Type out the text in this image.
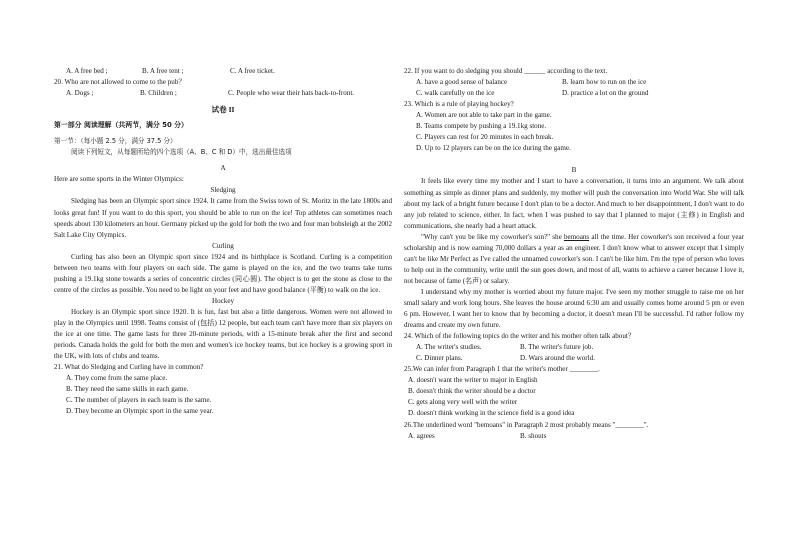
A. A free bed ;	B. A free tent ;	C. A free ticket.
20. Who are not allowed to come to the pub？
A. Dogs ;	B. Children ;	C. People who wear their hats back-to-front.
试卷 II
第一部分 阅读理解（共两节，满分 50 分）
第一节：（每小题 2.5 分，满分 37.5 分）
阅读下列短文，从每题所给的四个选项（A、B、C 和 D）中，选出最佳选项
A
Here are some sports in the Winter Olympics:
Sledging
Sledging has been an Olympic sport since 1924. It came from the Swiss town of St. Moritz in the late 1800s and looks great fun! If you want to do this sport, you should be able to run on the ice! Top athletes can sometimes reach speeds about 130 kilometers an hour. Germany picked up the gold for both the two and four man bobsleigh at the 2002 Salt Lake City Olympics.
Curling
Curling has also been an Olympic sport since 1924 and its birthplace is Scotland. Curling is a competition between two teams with four players on each side. The game is played on the ice, and the two teams take turns pushing a 19.1kg stone towards a series of concentric circles (同心圆). The object is to get the stone as close to the centre of the circles as possible. You need to be light on your feet and have good balance (平衡) to walk on the ice.
Hockey
Hockey is an Olympic sport since 1920. It is fun, fast but also a little dangerous. Women were not allowed to play in the Olympics until 1998. Teams consist of (包括) 12 people, but each team can't have more than six players on the ice at one time. The game lasts for three 20-minute periods, with a 15-minute break after the first and second periods. Canada holds the gold for both the men and women's ice hockey teams, but ice hockey is a growing sport in the UK, with lots of clubs and teams.
21. What do Sledging and Curling have in common?
A. They come from the same place.
B. They need the same skills in each game.
C. The number of players in each team is the same.
D. They become an Olympic sport in the same year.
22. If you want to do sledging you should ______ according to the text.
A. have a good sense of balance	B. learn how to run on the ice
C. walk carefully on the ice	D. practice a lot on the ground
23. Which is a rule of playing hockey?
A. Women are not able to take part in the game.
B. Teams compete by pushing a 19.1kg stone.
C. Players can rest for 20 minutes in each break.
D. Up to 12 players can be on the ice during the game.
B
It feels like every time my mother and I start to have a conversation, it turns into an argument. We talk about something as simple as dinner plans and suddenly, my mother will push the conversation into World War. She will talk about my lack of a bright future because I don't plan to be a doctor. And much to her disappointment, I don't want to do any job related to science, either. In fact, when I was pushed to say that I planned to major (主修) in English and communications, she nearly had a heart attack.
"Why can't you be like my coworker's son?" she bemoans all the time. Her coworker's son received a four year scholarship and is now earning 70,000 dollars a year as an engineer. I don't know what to answer except that I simply can't be like Mr Perfect as I've called the unnamed coworker's son. I can't be like him. I'm the type of person who loves to help out in the community, write until the sun goes down, and most of all, wants to achieve a career because I love it, not because of fame (名声) or salary.
I understand why my mother is worried about my future major. I've seen my mother struggle to raise me on her small salary and work long hours. She leaves the house around 6:30 am and usually comes home around 5 pm or even 6 pm. However, I want her to know that by becoming a doctor, it doesn't mean I'll be successful. I'd rather follow my dreams and create my own future.
24. Which of the following topics do the writer and his mother often talk about？
A. The writer's studies.	B. The writer's future job.
C. Dinner plans.	D. Wars around the world.
25.We can infer from Paragraph 1 that the writer's mother ________.
A. doesn't want the writer to major in English
B. doesn't think the writer should be a doctor
C. gets along very well with the writer
D. doesn't think working in the science field is a good idea
26.The underlined word "bemoans" in Paragraph 2 most probably means "________".
A. agrees	B. shouts
